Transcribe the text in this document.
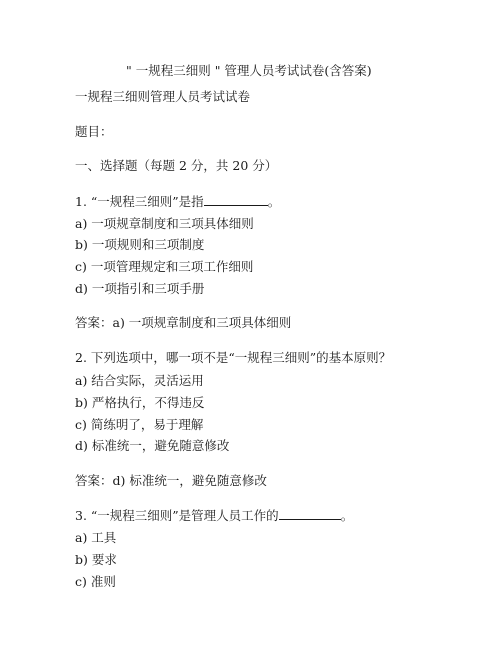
" 一规程三细则 " 管理人员考试试卷(含答案)
一规程三细则管理人员考试试卷
题目：
一、选择题（每题 2 分，共 20 分）
1. “一规程三细则”是指	。
a) 一项规章制度和三项具体细则
b) 一项规则和三项制度
c) 一项管理规定和三项工作细则
d) 一项指引和三项手册
答案：a) 一项规章制度和三项具体细则
2. 下列选项中，哪一项不是“一规程三细则”的基本原则？
a) 结合实际，灵活运用
b) 严格执行，不得违反
c) 简练明了，易于理解
d) 标准统一，避免随意修改
答案：d) 标准统一，避免随意修改
3. “一规程三细则”是管理人员工作的	。
a) 工具
b) 要求
c) 准则
